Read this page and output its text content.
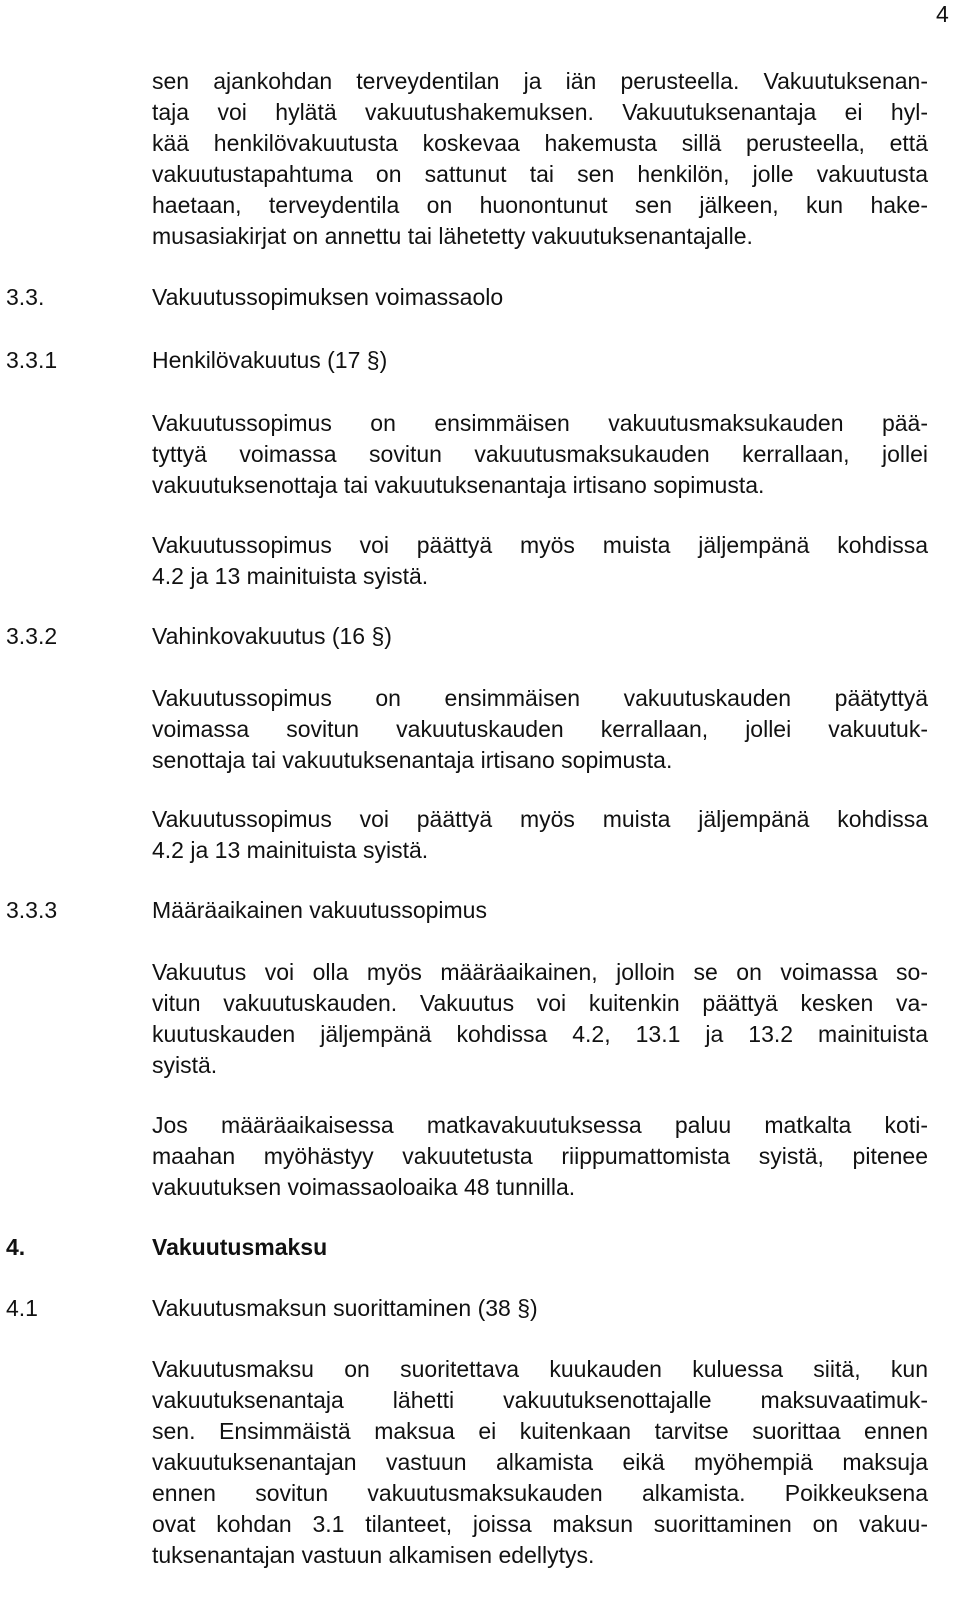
4
sen ajankohdan terveydentilan ja iän perusteella. Vakuutuksenan-
taja voi hylätä vakuutushakemuksen. Vakuutuksenantaja ei hyl-
kää henkilövakuutusta koskevaa hakemusta sillä perusteella, että
vakuutustapahtuma on sattunut tai sen henkilön, jolle vakuutusta
haetaan, terveydentila on huonontunut sen jälkeen, kun hake-
musasiakirjat on annettu tai lähetetty vakuutuksenantajalle.
3.3.	Vakuutussopimuksen voimassaolo
3.3.1	Henkilövakuutus (17 §)
Vakuutussopimus on ensimmäisen vakuutusmaksukauden pää-
tyttyä voimassa sovitun vakuutusmaksukauden kerrallaan, jollei
vakuutuksenottaja tai vakuutuksenantaja irtisano sopimusta.
Vakuutussopimus voi päättyä myös muista jäljempänä kohdissa
4.2 ja 13 mainituista syistä.
3.3.2	Vahinkovakuutus (16 §)
Vakuutussopimus on ensimmäisen vakuutuskauden päätyttyä
voimassa sovitun vakuutuskauden kerrallaan, jollei vakuutuk-
senottaja tai vakuutuksenantaja irtisano sopimusta.
Vakuutussopimus voi päättyä myös muista jäljempänä kohdissa
4.2 ja 13 mainituista syistä.
3.3.3	Määräaikainen vakuutussopimus
Vakuutus voi olla myös määräaikainen, jolloin se on voimassa so-
vitun vakuutuskauden. Vakuutus voi kuitenkin päättyä kesken va-
kuutuskauden jäljempänä kohdissa 4.2, 13.1 ja 13.2 mainituista
syistä.
Jos määräaikaisessa matkavakuutuksessa paluu matkalta koti-
maahan myöhästyy vakuutetusta riippumattomista syistä, pitenee
vakuutuksen voimassaoloaika 48 tunnilla.
4.	Vakuutusmaksu
4.1	Vakuutusmaksun suorittaminen (38 §)
Vakuutusmaksu on suoritettava kuukauden kuluessa siitä, kun
vakuutuksenantaja lähetti vakuutuksenottajalle maksuvaatimuk-
sen. Ensimmäistä maksua ei kuitenkaan tarvitse suorittaa ennen
vakuutuksenantajan vastuun alkamista eikä myöhempiä maksuja
ennen sovitun vakuutusmaksukauden alkamista. Poikkeuksena
ovat kohdan 3.1 tilanteet, joissa maksun suorittaminen on vakuu-
tuksenantajan vastuun alkamisen edellytys.
